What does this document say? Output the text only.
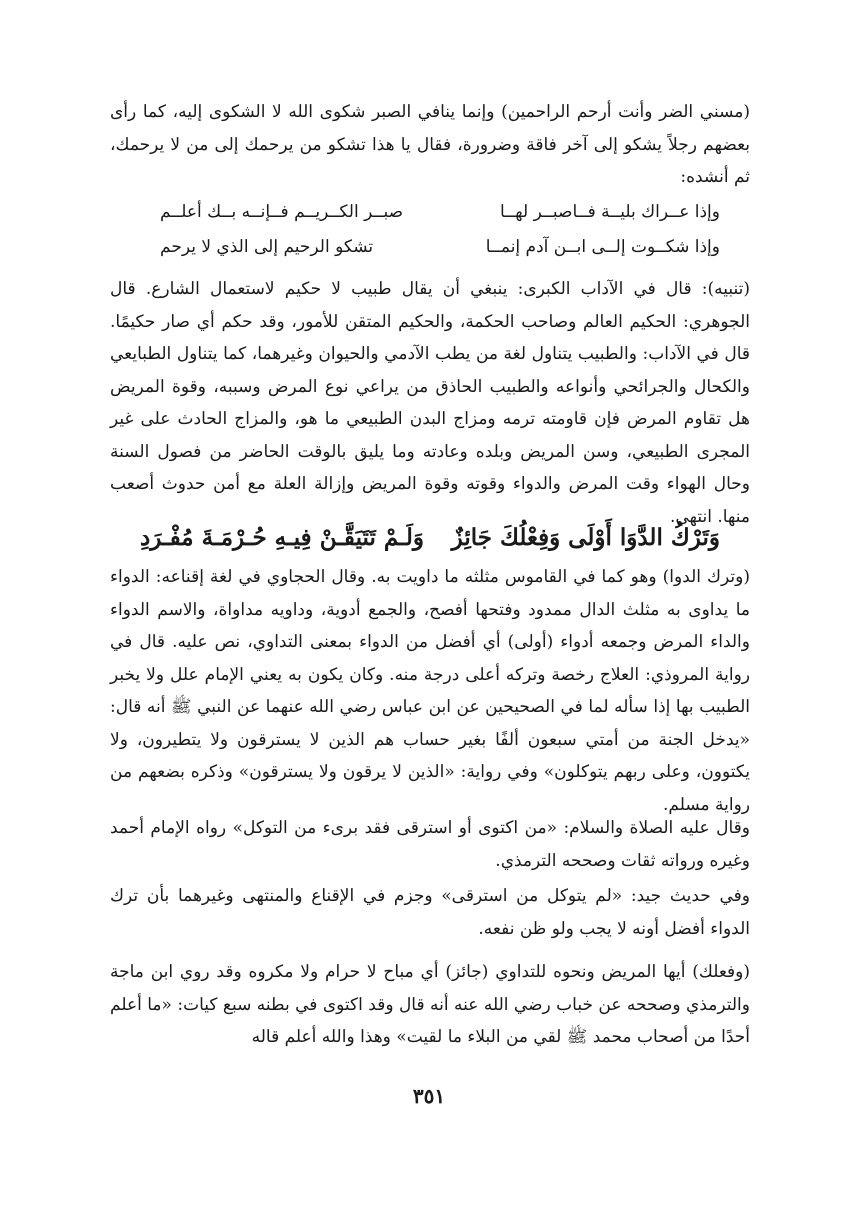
(مسني الضر وأنت أرحم الراحمين) وإنما ينافي الصبر شكوى الله لا الشكوى إليه، كما رأى بعضهم رجلاً يشكو إلى آخر فاقة وضرورة، فقال يا هذا تشكو من يرحمك إلى من لا يرحمك، ثم أنشده:

وإذا عــراك بليــة فــاصبــر لهــا
صبــر الكــريــم فــإنــه بــك أعلــم
وإذا شكــوت إلــى ابــن آدم إنمــا
تشكو الرحيم إلى الذي لا يرحم

(تنبيه): قال في الآداب الكبرى: ينبغي أن يقال طبيب لا حكيم لاستعمال الشارع. قال الجوهري: الحكيم العالم وصاحب الحكمة، والحكيم المتقن للأمور، وقد حكم أي صار حكيمًا. قال في الآداب: والطبيب يتناول لغة من يطب الآدمي والحيوان وغيرهما، كما يتناول الطبايعي والكحال والجرائحي وأنواعه والطبيب الحاذق من يراعي نوع المرض وسببه، وقوة المريض هل تقاوم المرض فإن قاومته ترمه ومزاج البدن الطبيعي ما هو، والمزاج الحادث على غير المجرى الطبيعي، وسن المريض وبلده وعادته وما يليق بالوقت الحاضر من فصول السنة وحال الهواء وقت المرض والدواء وقوته وقوة المريض وإزالة العلة مع أمن حدوث أصعب منها. انتهى.

وَتَرْكُ الدَّوَا أَوْلَى وَفِعْلُكَ جَائِزٌ
وَلَـمْ تَتَيَقَّـنْ فِيـهِ حُـرْمَـةَ مُفْـرَدِ

(وترك الدوا) وهو كما في القاموس مثلثه ما داويت به. وقال الحجاوي في لغة إقناعه: الدواء ما يداوى به مثلث الدال ممدود وفتحها أفصح، والجمع أدوية، وداويه مداواة، والاسم الدواء والداء المرض وجمعه أدواء (أولى) أي أفضل من الدواء بمعنى التداوي، نص عليه. قال في رواية المروذي: العلاج رخصة وتركه أعلى درجة منه. وكان يكون به يعني الإمام علل ولا يخبر الطبيب بها إذا سأله لما في الصحيحين عن ابن عباس رضي الله عنهما عن النبي ﷺ أنه قال: «يدخل الجنة من أمتي سبعون ألفًا بغير حساب هم الذين لا يسترقون ولا يتطيرون، ولا يكتوون، وعلى ربهم يتوكلون» وفي رواية: «الذين لا يرقون ولا يسترقون» وذكره بضعهم من رواية مسلم.

وقال عليه الصلاة والسلام: «من اكتوى أو استرقى فقد برىء من التوكل» رواه الإمام أحمد وغيره ورواته ثقات وصححه الترمذي.

وفي حديث جيد: «لم يتوكل من استرقى» وجزم في الإقناع والمنتهى وغيرهما بأن ترك الدواء أفضل أونه لا يجب ولو ظن نفعه.

(وفعلك) أيها المريض ونحوه للتداوي (جائز) أي مباح لا حرام ولا مكروه وقد روي ابن ماجة والترمذي وصححه عن خباب رضي الله عنه أنه قال وقد اكتوى في بطنه سبع كيات: «ما أعلم أحدًا من أصحاب محمد ﷺ لقي من البلاء ما لقيت» وهذا والله أعلم قاله

٣٥١
